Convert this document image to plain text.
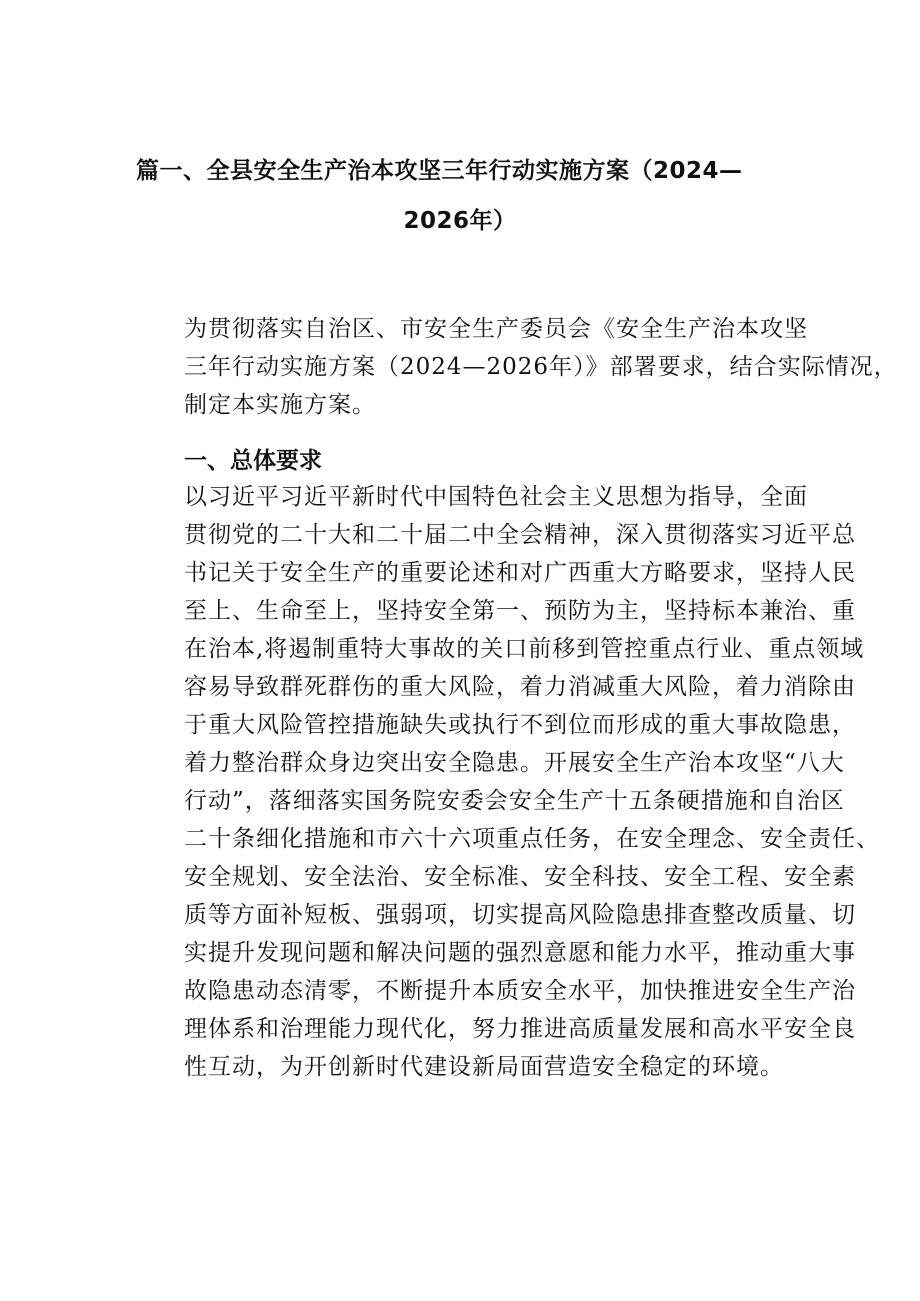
篇一、全县安全生产治本攻坚三年行动实施方案（2024—
2026年）
为贯彻落实自治区、市安全生产委员会《安全生产治本攻坚
三年行动实施方案（2024—2026年）》部署要求，结合实际情况，
制定本实施方案。
一、总体要求
以习近平习近平新时代中国特色社会主义思想为指导，全面
贯彻党的二十大和二十届二中全会精神，深入贯彻落实习近平总
书记关于安全生产的重要论述和对广西重大方略要求，坚持人民
至上、生命至上，坚持安全第一、预防为主，坚持标本兼治、重
在治本,将遏制重特大事故的关口前移到管控重点行业、重点领域
容易导致群死群伤的重大风险，着力消减重大风险，着力消除由
于重大风险管控措施缺失或执行不到位而形成的重大事故隐患，
着力整治群众身边突出安全隐患。开展安全生产治本攻坚“八大
行动”，落细落实国务院安委会安全生产十五条硬措施和自治区
二十条细化措施和市六十六项重点任务，在安全理念、安全责任、
安全规划、安全法治、安全标准、安全科技、安全工程、安全素
质等方面补短板、强弱项，切实提高风险隐患排查整改质量、切
实提升发现问题和解决问题的强烈意愿和能力水平，推动重大事
故隐患动态清零，不断提升本质安全水平，加快推进安全生产治
理体系和治理能力现代化，努力推进高质量发展和高水平安全良
性互动，为开创新时代建设新局面营造安全稳定的环境。
